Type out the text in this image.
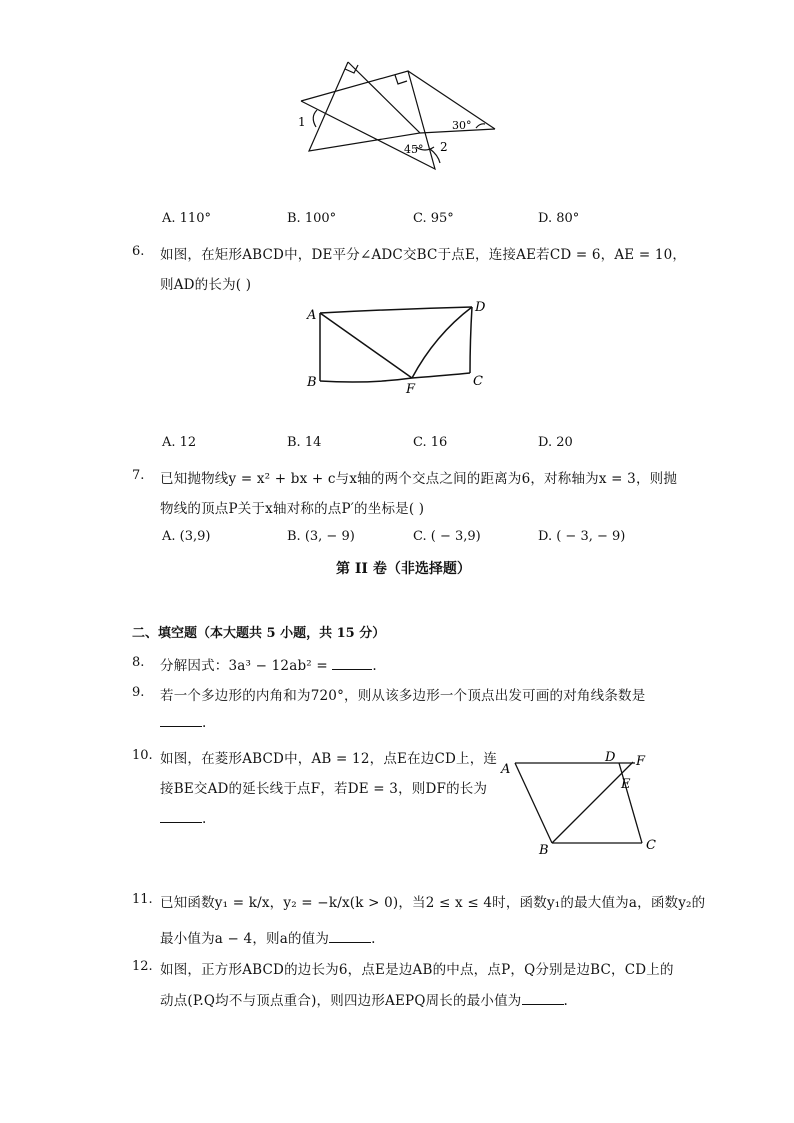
1
2
30°
45°
A. 110°	B. 100°	C. 95°	D. 80°
6. 如图，在矩形ABCD中，DE平分∠ADC交BC于点E，连接AE若CD = 6，AE = 10，
则AD的长为( )
A
B	C
D
F
A. 12	B. 14	C. 16	D. 20
7. 已知抛物线y = x² + bx + c与x轴的两个交点之间的距离为6，对称轴为x = 3，则抛
物线的顶点P关于x轴对称的点P′的坐标是( )
A. (3,9)	B. (3, − 9)	C. ( − 3,9)	D. ( − 3, − 9)
第 II 卷（非选择题）
二、填空题（本大题共 5 小题，共 15 分）
8. 分解因式：3a³ − 12ab² =	.
9. 若一个多边形的内角和为720°，则从该多边形一个顶点出发可画的对角线条数是
.
10. 如图，在菱形ABCD中，AB = 12，点E在边CD上，连
接BE交AD的延长线于点F，若DE = 3，则DF的长为
.
A
B	C
D
E
F
11. 已知函数y₁ = k/x，y₂ = −k/x(k > 0)，当2 ≤ x ≤ 4时，函数y₁的最大值为a，函数y₂的
最小值为a − 4，则a的值为	.
12. 如图，正方形ABCD的边长为6，点E是边AB的中点，点P，Q分别是边BC，CD上的
动点(P.Q均不与顶点重合)，则四边形AEPQ周长的最小值为	.
